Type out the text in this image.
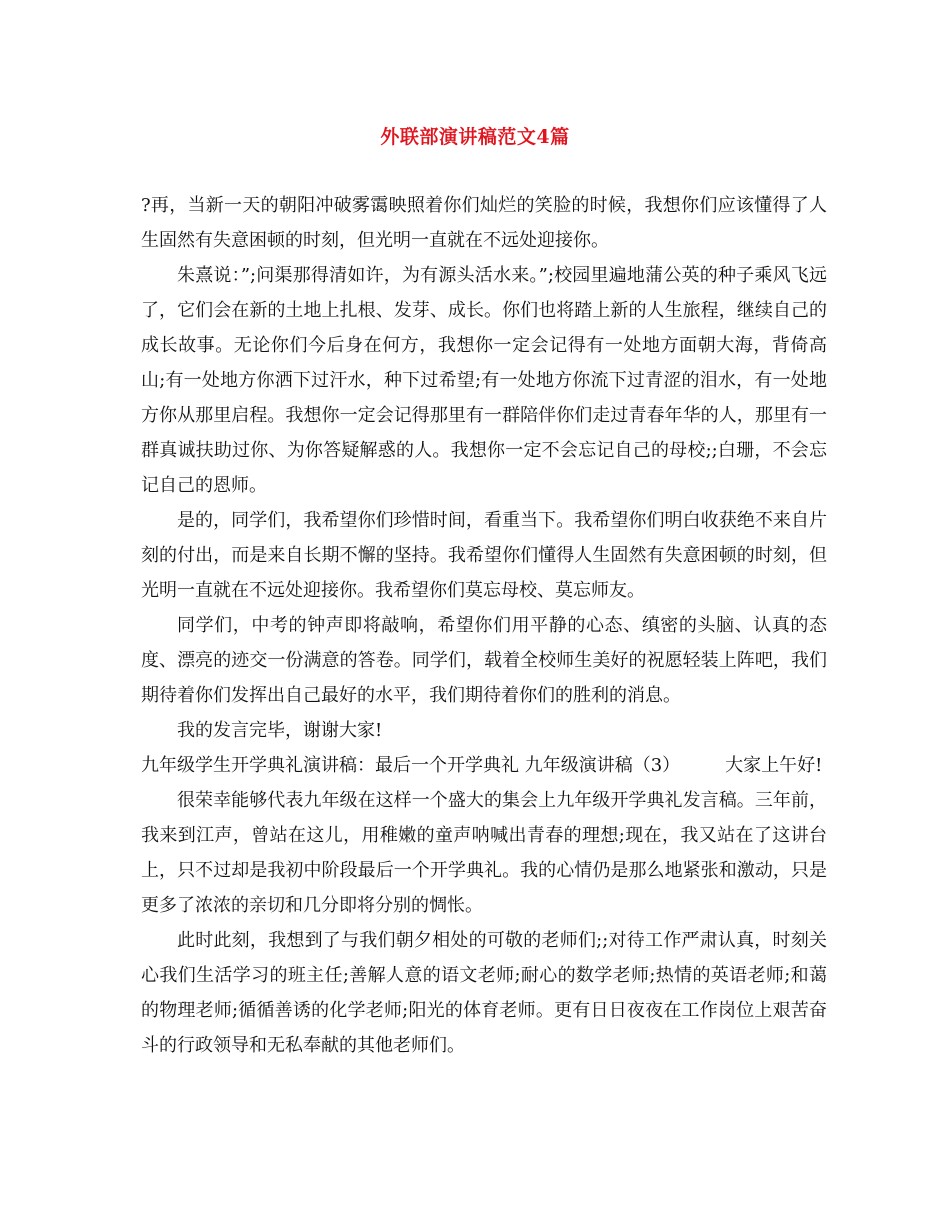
外联部演讲稿范文4篇

?再，当新一天的朝阳冲破雾霭映照着你们灿烂的笑脸的时候，我想你们应该懂得了人生固然有失意困顿的时刻，但光明一直就在不远处迎接你。

朱熹说：”;问渠那得清如许，为有源头活水来。”;校园里遍地蒲公英的种子乘风飞远了，它们会在新的土地上扎根、发芽、成长。你们也将踏上新的人生旅程，继续自己的成长故事。无论你们今后身在何方，我想你一定会记得有一处地方面朝大海，背倚高山;有一处地方你洒下过汗水，种下过希望;有一处地方你流下过青涩的泪水，有一处地方你从那里启程。我想你一定会记得那里有一群陪伴你们走过青春年华的人，那里有一群真诚扶助过你、为你答疑解惑的人。我想你一定不会忘记自己的母校;;白珊，不会忘记自己的恩师。

是的，同学们，我希望你们珍惜时间，看重当下。我希望你们明白收获绝不来自片刻的付出，而是来自长期不懈的坚持。我希望你们懂得人生固然有失意困顿的时刻，但光明一直就在不远处迎接你。我希望你们莫忘母校、莫忘师友。

同学们，中考的钟声即将敲响，希望你们用平静的心态、缜密的头脑、认真的态度、漂亮的迹交一份满意的答卷。同学们，载着全校师生美好的祝愿轻装上阵吧，我们期待着你们发挥出自己最好的水平，我们期待着你们的胜利的消息。

我的发言完毕，谢谢大家!

九年级学生开学典礼演讲稿：最后一个开学典礼 九年级演讲稿（3）　　　大家上午好!

很荣幸能够代表九年级在这样一个盛大的集会上九年级开学典礼发言稿。三年前，我来到江声，曾站在这儿，用稚嫩的童声呐喊出青春的理想;现在，我又站在了这讲台上，只不过却是我初中阶段最后一个开学典礼。我的心情仍是那么地紧张和激动，只是更多了浓浓的亲切和几分即将分别的惆怅。

此时此刻，我想到了与我们朝夕相处的可敬的老师们;;对待工作严肃认真，时刻关心我们生活学习的班主任;善解人意的语文老师;耐心的数学老师;热情的英语老师;和蔼的物理老师;循循善诱的化学老师;阳光的体育老师。更有日日夜夜在工作岗位上艰苦奋斗的行政领导和无私奉献的其他老师们。
